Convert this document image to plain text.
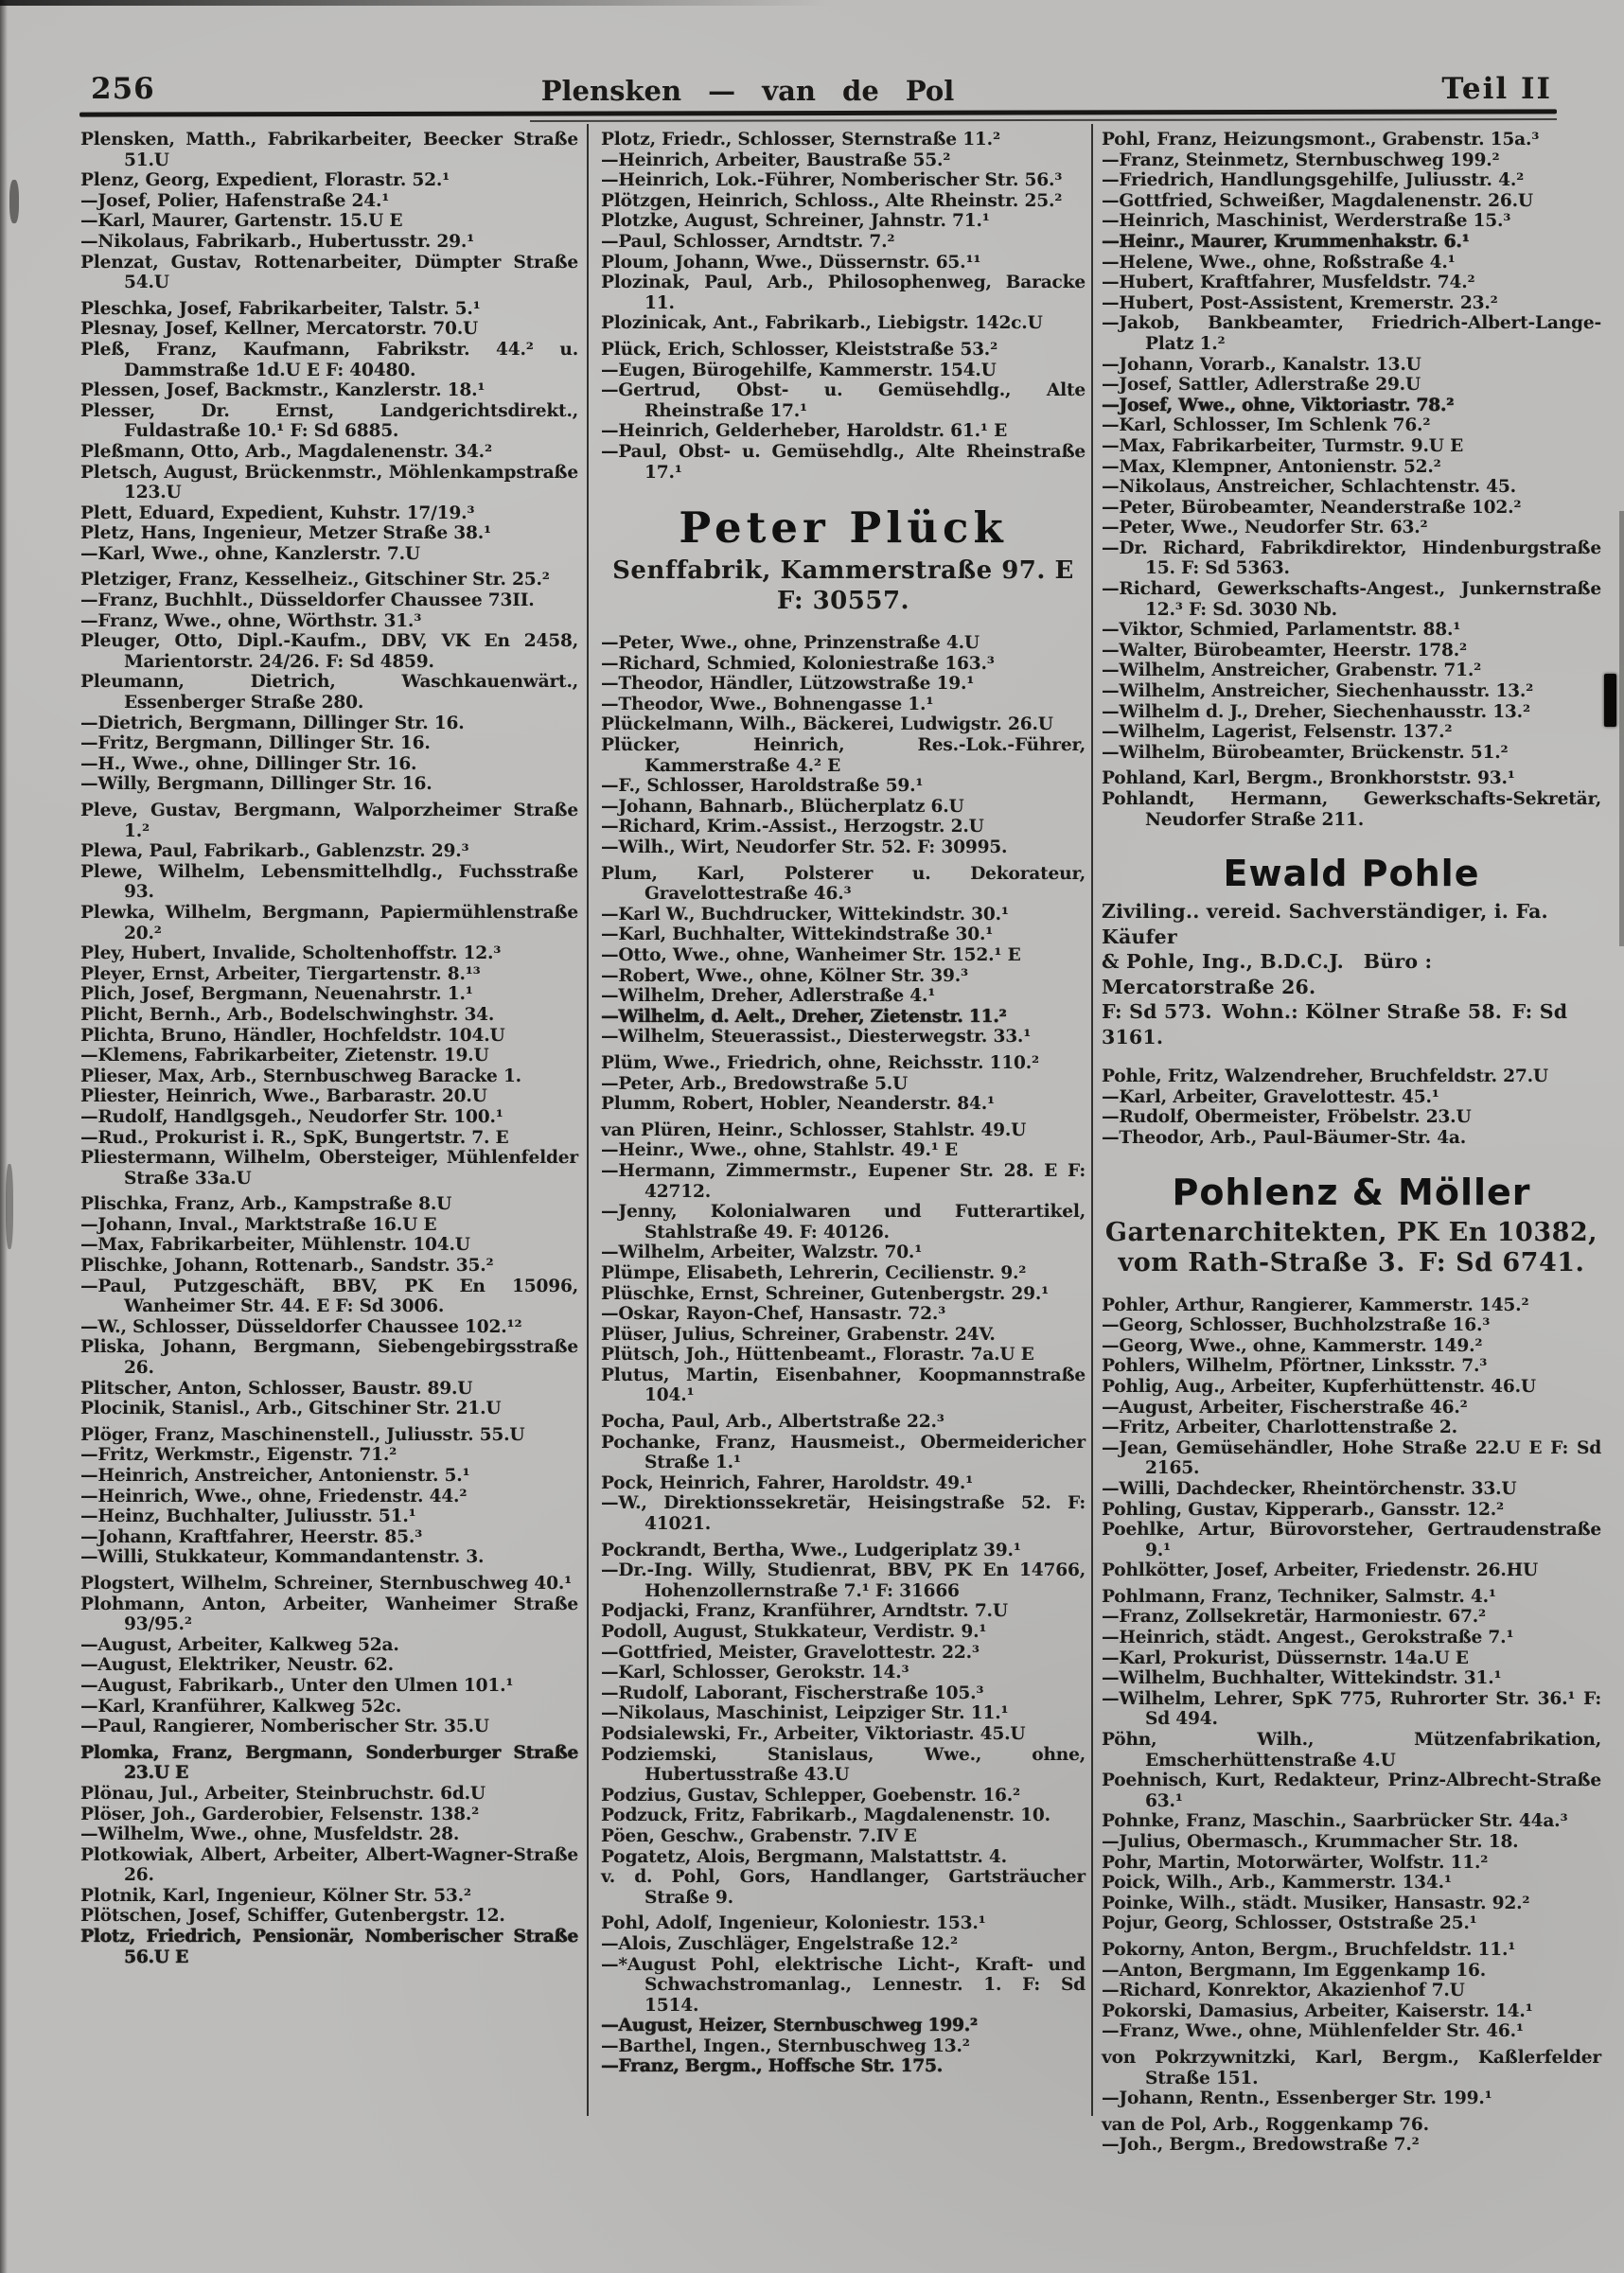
256	Plensken — van de Pol	Teil II

Plensken, Matth., Fabrikarbeiter, Beecker Straße 51.U

Plenz, Georg, Expedient, Florastr. 52.¹

—Josef, Polier, Hafenstraße 24.¹

—Karl, Maurer, Gartenstr. 15.U E

—Nikolaus, Fabrikarb., Hubertusstr. 29.¹

Plenzat, Gustav, Rottenarbeiter, Dümpter Straße 54.U

Pleschka, Josef, Fabrikarbeiter, Talstr. 5.¹

Plesnay, Josef, Kellner, Mercatorstr. 70.U

Pleß, Franz, Kaufmann, Fabrikstr. 44.² u. Dammstraße 1d.U E F: 40480.

Plessen, Josef, Backmstr., Kanzlerstr. 18.¹

Plesser, Dr. Ernst, Landgerichtsdirekt., Fuldastraße 10.¹ F: Sd 6885.

Pleßmann, Otto, Arb., Magdalenenstr. 34.²

Pletsch, August, Brückenmstr., Möhlenkampstraße 123.U

Plett, Eduard, Expedient, Kuhstr. 17/19.³

Pletz, Hans, Ingenieur, Metzer Straße 38.¹

—Karl, Wwe., ohne, Kanzlerstr. 7.U

Pletziger, Franz, Kesselheiz., Gitschiner Str. 25.²

—Franz, Buchhlt., Düsseldorfer Chaussee 73II.

—Franz, Wwe., ohne, Wörthstr. 31.³

Pleuger, Otto, Dipl.-Kaufm., DBV, VK En 2458, Marientorstr. 24/26. F: Sd 4859.

Pleumann, Dietrich, Waschkauenwärt., Essenberger Straße 280.

—Dietrich, Bergmann, Dillinger Str. 16.

—Fritz, Bergmann, Dillinger Str. 16.

—H., Wwe., ohne, Dillinger Str. 16.

—Willy, Bergmann, Dillinger Str. 16.

Pleve, Gustav, Bergmann, Walporzheimer Straße 1.²

Plewa, Paul, Fabrikarb., Gablenzstr. 29.³

Plewe, Wilhelm, Lebensmittelhdlg., Fuchsstraße 93.

Plewka, Wilhelm, Bergmann, Papiermühlenstraße 20.²

Pley, Hubert, Invalide, Scholtenhoffstr. 12.³

Pleyer, Ernst, Arbeiter, Tiergartenstr. 8.¹³

Plich, Josef, Bergmann, Neuenahrstr. 1.¹

Plicht, Bernh., Arb., Bodelschwinghstr. 34.

Plichta, Bruno, Händler, Hochfeldstr. 104.U

—Klemens, Fabrikarbeiter, Zietenstr. 19.U

Plieser, Max, Arb., Sternbuschweg Baracke 1.

Pliester, Heinrich, Wwe., Barbarastr. 20.U

—Rudolf, Handlgsgeh., Neudorfer Str. 100.¹

—Rud., Prokurist i. R., SpK, Bungertstr. 7. E

Pliestermann, Wilhelm, Obersteiger, Mühlenfelder Straße 33a.U

Plischka, Franz, Arb., Kampstraße 8.U

—Johann, Inval., Marktstraße 16.U E

—Max, Fabrikarbeiter, Mühlenstr. 104.U

Plischke, Johann, Rottenarb., Sandstr. 35.²

—Paul, Putzgeschäft, BBV, PK En 15096, Wanheimer Str. 44. E F: Sd 3006.

—W., Schlosser, Düsseldorfer Chaussee 102.¹²

Pliska, Johann, Bergmann, Siebengebirgsstraße 26.

Plitscher, Anton, Schlosser, Baustr. 89.U

Plocinik, Stanisl., Arb., Gitschiner Str. 21.U

Plöger, Franz, Maschinenstell., Juliusstr. 55.U

—Fritz, Werkmstr., Eigenstr. 71.²

—Heinrich, Anstreicher, Antonienstr. 5.¹

—Heinrich, Wwe., ohne, Friedenstr. 44.²

—Heinz, Buchhalter, Juliusstr. 51.¹

—Johann, Kraftfahrer, Heerstr. 85.³

—Willi, Stukkateur, Kommandantenstr. 3.

Plogstert, Wilhelm, Schreiner, Sternbuschweg 40.¹

Plohmann, Anton, Arbeiter, Wanheimer Straße 93/95.²

—August, Arbeiter, Kalkweg 52a.

—August, Elektriker, Neustr. 62.

—August, Fabrikarb., Unter den Ulmen 101.¹

—Karl, Kranführer, Kalkweg 52c.

—Paul, Rangierer, Nomberischer Str. 35.U

Plomka, Franz, Bergmann, Sonderburger Straße 23.U E

Plönau, Jul., Arbeiter, Steinbruchstr. 6d.U

Plöser, Joh., Garderobier, Felsenstr. 138.²

—Wilhelm, Wwe., ohne, Musfeldstr. 28.

Plotkowiak, Albert, Arbeiter, Albert-Wagner-Straße 26.

Plotnik, Karl, Ingenieur, Kölner Str. 53.²

Plötschen, Josef, Schiffer, Gutenbergstr. 12.

Plotz, Friedrich, Pensionär, Nomberischer Straße 56.U E

Plotz, Friedr., Schlosser, Sternstraße 11.²

—Heinrich, Arbeiter, Baustraße 55.²

—Heinrich, Lok.-Führer, Nomberischer Str. 56.³

Plötzgen, Heinrich, Schloss., Alte Rheinstr. 25.²

Plotzke, August, Schreiner, Jahnstr. 71.¹

—Paul, Schlosser, Arndtstr. 7.²

Ploum, Johann, Wwe., Düssernstr. 65.¹¹

Plozinak, Paul, Arb., Philosophenweg, Baracke 11.

Plozinicak, Ant., Fabrikarb., Liebigstr. 142c.U

Plück, Erich, Schlosser, Kleiststraße 53.²

—Eugen, Bürogehilfe, Kammerstr. 154.U

—Gertrud, Obst- u. Gemüsehdlg., Alte Rheinstraße 17.¹

—Heinrich, Gelderheber, Haroldstr. 61.¹ E

—Paul, Obst- u. Gemüsehdlg., Alte Rheinstraße 17.¹

Peter Plück
Senffabrik, Kammerstraße 97. E
F: 30557.

—Peter, Wwe., ohne, Prinzenstraße 4.U

—Richard, Schmied, Koloniestraße 163.³

—Theodor, Händler, Lützowstraße 19.¹

—Theodor, Wwe., Bohnengasse 1.¹

Plückelmann, Wilh., Bäckerei, Ludwigstr. 26.U

Plücker, Heinrich, Res.-Lok.-Führer, Kammerstraße 4.² E

—F., Schlosser, Haroldstraße 59.¹

—Johann, Bahnarb., Blücherplatz 6.U

—Richard, Krim.-Assist., Herzogstr. 2.U

—Wilh., Wirt, Neudorfer Str. 52. F: 30995.

Plum, Karl, Polsterer u. Dekorateur, Gravelottestraße 46.³

—Karl W., Buchdrucker, Wittekindstr. 30.¹

—Karl, Buchhalter, Wittekindstraße 30.¹

—Otto, Wwe., ohne, Wanheimer Str. 152.¹ E

—Robert, Wwe., ohne, Kölner Str. 39.³

—Wilhelm, Dreher, Adlerstraße 4.¹

—Wilhelm, d. Aelt., Dreher, Zietenstr. 11.²

—Wilhelm, Steuerassist., Diesterwegstr. 33.¹

Plüm, Wwe., Friedrich, ohne, Reichsstr. 110.²

—Peter, Arb., Bredowstraße 5.U

Plumm, Robert, Hobler, Neanderstr. 84.¹

van Plüren, Heinr., Schlosser, Stahlstr. 49.U

—Heinr., Wwe., ohne, Stahlstr. 49.¹ E

—Hermann, Zimmermstr., Eupener Str. 28. E F: 42712.

—Jenny, Kolonialwaren und Futterartikel, Stahlstraße 49. F: 40126.

—Wilhelm, Arbeiter, Walzstr. 70.¹

Plümpe, Elisabeth, Lehrerin, Cecilienstr. 9.²

Plüschke, Ernst, Schreiner, Gutenbergstr. 29.¹

—Oskar, Rayon-Chef, Hansastr. 72.³

Plüser, Julius, Schreiner, Grabenstr. 24V.

Plütsch, Joh., Hüttenbeamt., Florastr. 7a.U E

Plutus, Martin, Eisenbahner, Koopmannstraße 104.¹

Pocha, Paul, Arb., Albertstraße 22.³

Pochanke, Franz, Hausmeist., Obermeidericher Straße 1.¹

Pock, Heinrich, Fahrer, Haroldstr. 49.¹

—W., Direktionssekretär, Heisingstraße 52. F: 41021.

Pockrandt, Bertha, Wwe., Ludgeriplatz 39.¹

—Dr.-Ing. Willy, Studienrat, BBV, PK En 14766, Hohenzollernstraße 7.¹ F: 31666

Podjacki, Franz, Kranführer, Arndtstr. 7.U

Podoll, August, Stukkateur, Verdistr. 9.¹

—Gottfried, Meister, Gravelottestr. 22.³

—Karl, Schlosser, Gerokstr. 14.³

—Rudolf, Laborant, Fischerstraße 105.³

—Nikolaus, Maschinist, Leipziger Str. 11.¹

Podsialewski, Fr., Arbeiter, Viktoriastr. 45.U

Podziemski, Stanislaus, Wwe., ohne, Hubertusstraße 43.U

Podzius, Gustav, Schlepper, Goebenstr. 16.²

Podzuck, Fritz, Fabrikarb., Magdalenenstr. 10.

Pöen, Geschw., Grabenstr. 7.IV E

Pogatetz, Alois, Bergmann, Malstattstr. 4.

v. d. Pohl, Gors, Handlanger, Gartsträucher Straße 9.

Pohl, Adolf, Ingenieur, Koloniestr. 153.¹

—Alois, Zuschläger, Engelstraße 12.²

—*August Pohl, elektrische Licht-, Kraft- und Schwachstromanlag., Lennestr. 1. F: Sd 1514.

—August, Heizer, Sternbuschweg 199.²

—Barthel, Ingen., Sternbuschweg 13.²

—Franz, Bergm., Hoffsche Str. 175.

Pohl, Franz, Heizungsmont., Grabenstr. 15a.³

—Franz, Steinmetz, Sternbuschweg 199.²

—Friedrich, Handlungsgehilfe, Juliusstr. 4.²

—Gottfried, Schweißer, Magdalenenstr. 26.U

—Heinrich, Maschinist, Werderstraße 15.³

—Heinr., Maurer, Krummenhakstr. 6.¹

—Helene, Wwe., ohne, Roßstraße 4.¹

—Hubert, Kraftfahrer, Musfeldstr. 74.²

—Hubert, Post-Assistent, Kremerstr. 23.²

—Jakob, Bankbeamter, Friedrich-Albert-Lange-Platz 1.²

—Johann, Vorarb., Kanalstr. 13.U

—Josef, Sattler, Adlerstraße 29.U

—Josef, Wwe., ohne, Viktoriastr. 78.²

—Karl, Schlosser, Im Schlenk 76.²

—Max, Fabrikarbeiter, Turmstr. 9.U E

—Max, Klempner, Antonienstr. 52.²

—Nikolaus, Anstreicher, Schlachtenstr. 45.

—Peter, Bürobeamter, Neanderstraße 102.²

—Peter, Wwe., Neudorfer Str. 63.²

—Dr. Richard, Fabrikdirektor, Hindenburgstraße 15. F: Sd 5363.

—Richard, Gewerkschafts-Angest., Junkernstraße 12.³ F: Sd. 3030 Nb.

—Viktor, Schmied, Parlamentstr. 88.¹

—Walter, Bürobeamter, Heerstr. 178.²

—Wilhelm, Anstreicher, Grabenstr. 71.²

—Wilhelm, Anstreicher, Siechenhausstr. 13.²

—Wilhelm d. J., Dreher, Siechenhausstr. 13.²

—Wilhelm, Lagerist, Felsenstr. 137.²

—Wilhelm, Bürobeamter, Brückenstr. 51.²

Pohland, Karl, Bergm., Bronkhorststr. 93.¹

Pohlandt, Hermann, Gewerkschafts-Sekretär, Neudorfer Straße 211.

Ewald Pohle
Ziviling.. vereid. Sachverständiger, i. Fa. Käufer
& Pohle, Ing., B.D.C.J. Büro : Mercatorstraße 26.
F: Sd 573. Wohn.: Kölner Straße 58. F: Sd 3161.

Pohle, Fritz, Walzendreher, Bruchfeldstr. 27.U

—Karl, Arbeiter, Gravelottestr. 45.¹

—Rudolf, Obermeister, Fröbelstr. 23.U

—Theodor, Arb., Paul-Bäumer-Str. 4a.

Pohlenz & Möller
Gartenarchitekten, PK En 10382,
vom Rath-Straße 3. F: Sd 6741.

Pohler, Arthur, Rangierer, Kammerstr. 145.²

—Georg, Schlosser, Buchholzstraße 16.³

—Georg, Wwe., ohne, Kammerstr. 149.²

Pohlers, Wilhelm, Pförtner, Linksstr. 7.³

Pohlig, Aug., Arbeiter, Kupferhüttenstr. 46.U

—August, Arbeiter, Fischerstraße 46.²

—Fritz, Arbeiter, Charlottenstraße 2.

—Jean, Gemüsehändler, Hohe Straße 22.U E F: Sd 2165.

—Willi, Dachdecker, Rheintörchenstr. 33.U

Pohling, Gustav, Kipperarb., Gansstr. 12.²

Poehlke, Artur, Bürovorsteher, Gertraudenstraße 9.¹

Pohlkötter, Josef, Arbeiter, Friedenstr. 26.HU

Pohlmann, Franz, Techniker, Salmstr. 4.¹

—Franz, Zollsekretär, Harmoniestr. 67.²

—Heinrich, städt. Angest., Gerokstraße 7.¹

—Karl, Prokurist, Düssernstr. 14a.U E

—Wilhelm, Buchhalter, Wittekindstr. 31.¹

—Wilhelm, Lehrer, SpK 775, Ruhrorter Str. 36.¹ F: Sd 494.

Pöhn, Wilh., Mützenfabrikation, Emscherhüttenstraße 4.U

Poehnisch, Kurt, Redakteur, Prinz-Albrecht-Straße 63.¹

Pohnke, Franz, Maschin., Saarbrücker Str. 44a.³

—Julius, Obermasch., Krummacher Str. 18.

Pohr, Martin, Motorwärter, Wolfstr. 11.²

Poick, Wilh., Arb., Kammerstr. 134.¹

Poinke, Wilh., städt. Musiker, Hansastr. 92.²

Pojur, Georg, Schlosser, Oststraße 25.¹

Pokorny, Anton, Bergm., Bruchfeldstr. 11.¹

—Anton, Bergmann, Im Eggenkamp 16.

—Richard, Konrektor, Akazienhof 7.U

Pokorski, Damasius, Arbeiter, Kaiserstr. 14.¹

—Franz, Wwe., ohne, Mühlenfelder Str. 46.¹

von Pokrzywnitzki, Karl, Bergm., Kaßlerfelder Straße 151.

—Johann, Rentn., Essenberger Str. 199.¹

van de Pol, Arb., Roggenkamp 76.

—Joh., Bergm., Bredowstraße 7.²
